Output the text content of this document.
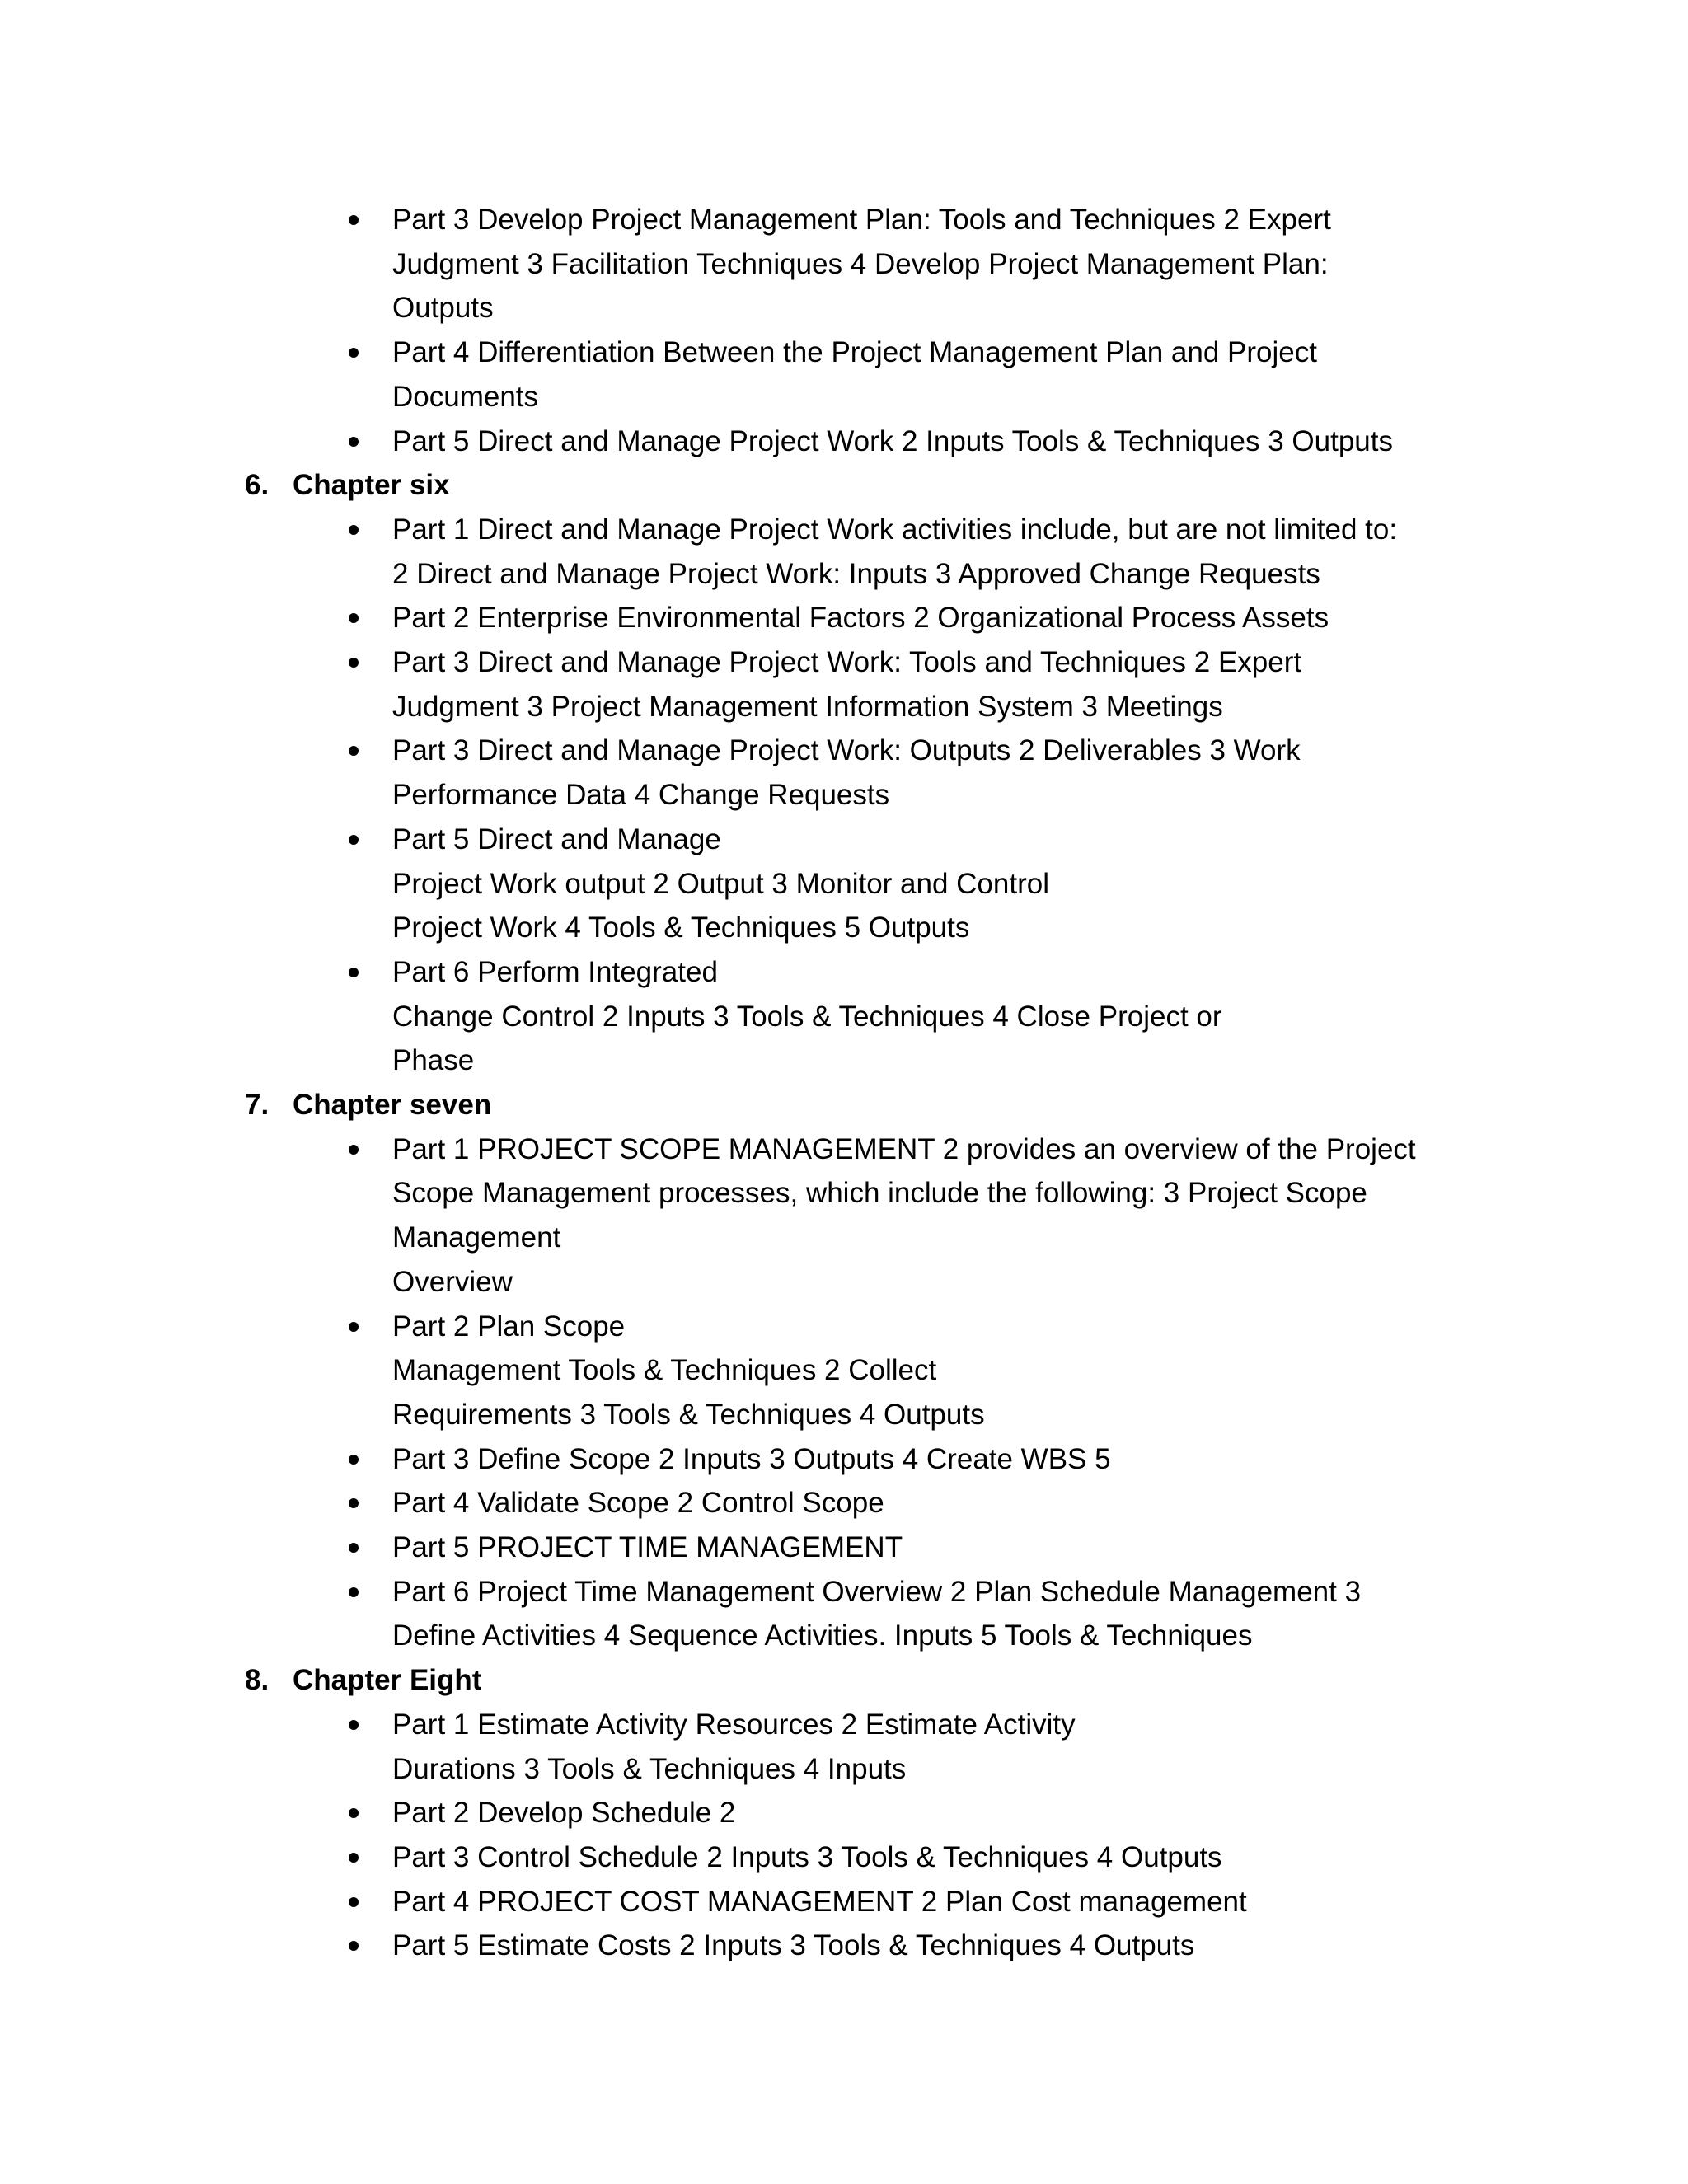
Part 3 Develop Project Management Plan: Tools and Techniques 2 Expert
Judgment 3 Facilitation Techniques 4 Develop Project Management Plan:
Outputs
Part 4 Differentiation Between the Project Management Plan and Project
Documents
Part 5 Direct and Manage Project Work 2 Inputs Tools & Techniques 3 Outputs
6. Chapter six
Part 1 Direct and Manage Project Work activities include, but are not limited to:
2 Direct and Manage Project Work: Inputs 3 Approved Change Requests
Part 2 Enterprise Environmental Factors 2 Organizational Process Assets
Part 3 Direct and Manage Project Work: Tools and Techniques 2 Expert
Judgment 3 Project Management Information System 3 Meetings
Part 3 Direct and Manage Project Work: Outputs 2 Deliverables 3 Work
Performance Data 4 Change Requests
Part 5 Direct and Manage
Project Work output 2 Output 3 Monitor and Control
Project Work 4 Tools & Techniques 5 Outputs
Part 6 Perform Integrated
Change Control 2 Inputs 3 Tools & Techniques 4 Close Project or
Phase
7. Chapter seven
Part 1 PROJECT SCOPE MANAGEMENT 2 provides an overview of the Project
Scope Management processes, which include the following: 3 Project Scope
Management
Overview
Part 2 Plan Scope
Management Tools & Techniques 2 Collect
Requirements 3 Tools & Techniques 4 Outputs
Part 3 Define Scope 2 Inputs 3 Outputs 4 Create WBS 5
Part 4 Validate Scope 2 Control Scope
Part 5 PROJECT TIME MANAGEMENT
Part 6 Project Time Management Overview 2 Plan Schedule Management 3
Define Activities 4 Sequence Activities. Inputs 5 Tools & Techniques
8. Chapter Eight
Part 1 Estimate Activity Resources 2 Estimate Activity
Durations 3 Tools & Techniques 4 Inputs
Part 2 Develop Schedule 2
Part 3 Control Schedule 2 Inputs 3 Tools & Techniques 4 Outputs
Part 4 PROJECT COST MANAGEMENT 2 Plan Cost management
Part 5 Estimate Costs 2 Inputs 3 Tools & Techniques 4 Outputs
